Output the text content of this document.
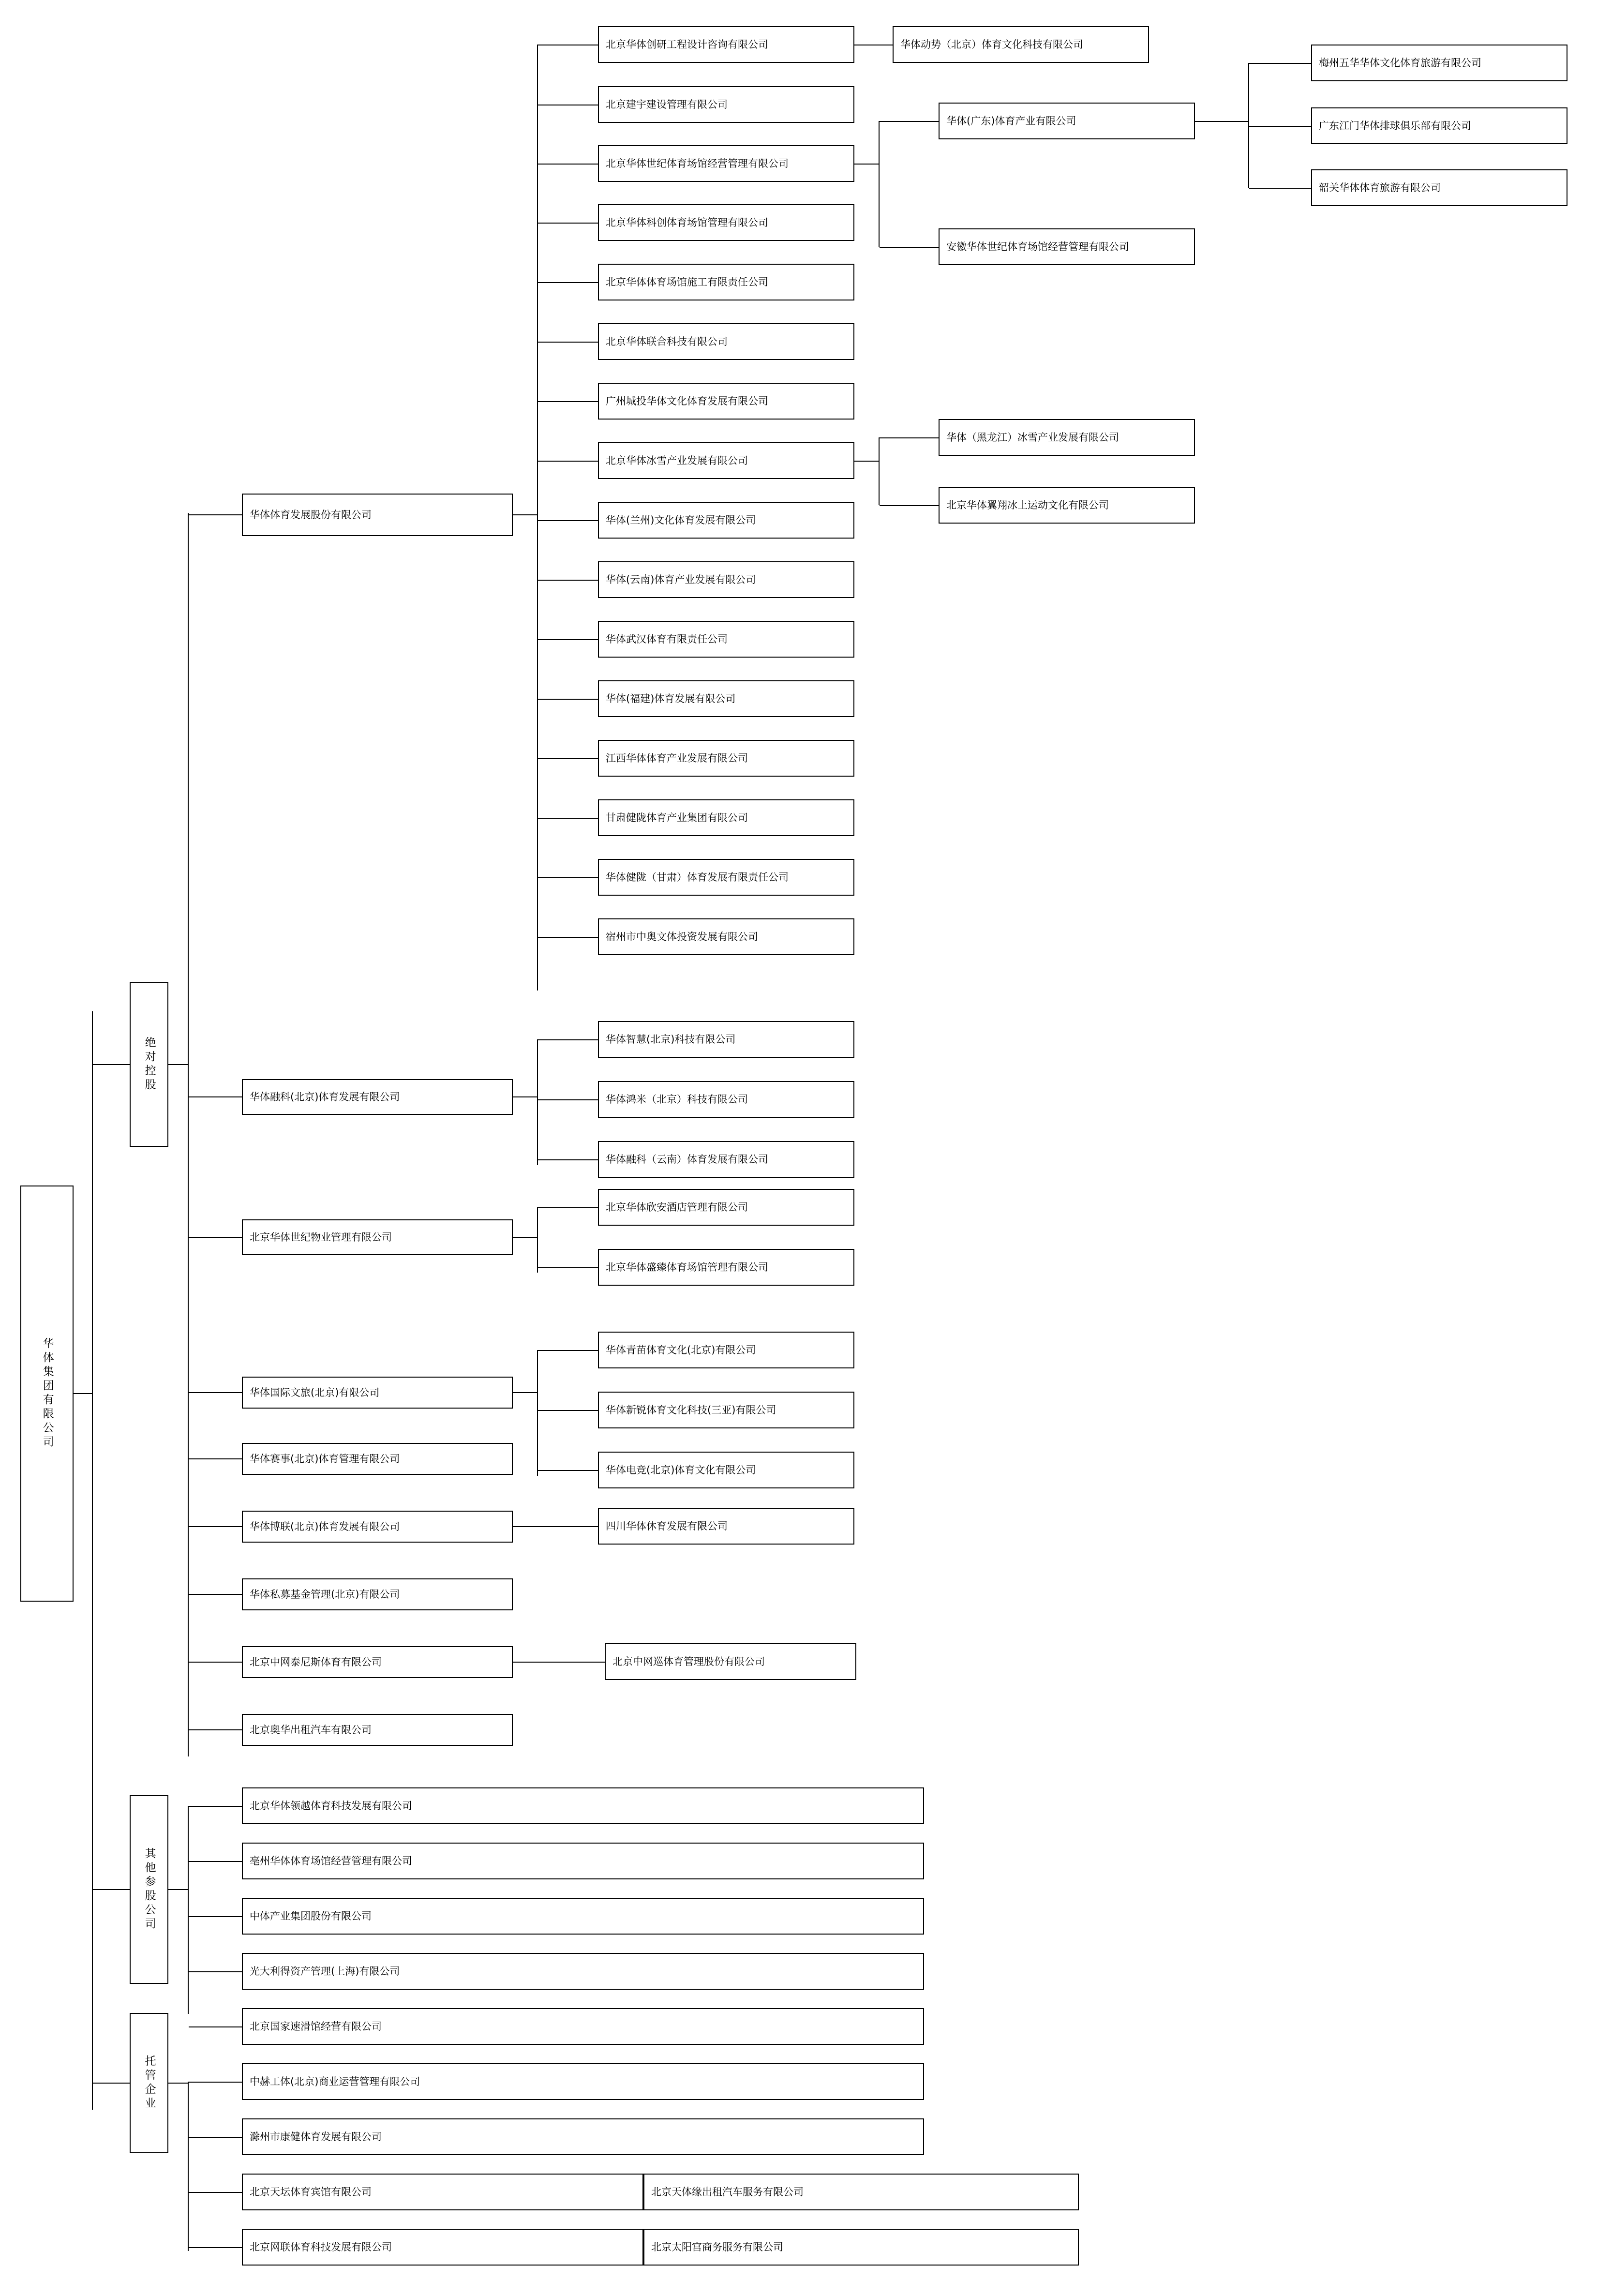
华体集团有限公司
绝对控股
其他参股公司
托管企业
华体体育发展股份有限公司
华体融科(北京)体育发展有限公司
北京华体世纪物业管理有限公司
华体国际文旅(北京)有限公司
华体赛事(北京)体育管理有限公司
华体博联(北京)体育发展有限公司
华体私募基金管理(北京)有限公司
北京中网泰尼斯体育有限公司
北京奥华出租汽车有限公司
北京华体创研工程设计咨询有限公司
北京建宇建设管理有限公司
北京华体世纪体育场馆经营管理有限公司
北京华体科创体育场馆管理有限公司
北京华体体育场馆施工有限责任公司
北京华体联合科技有限公司
广州城投华体文化体育发展有限公司
北京华体冰雪产业发展有限公司
华体(兰州)文化体育发展有限公司
华体(云南)体育产业发展有限公司
华体武汉体育有限责任公司
华体(福建)体育发展有限公司
江西华体体育产业发展有限公司
甘肃健陇体育产业集团有限公司
华体健陇（甘肃）体育发展有限责任公司
宿州市中奥文体投资发展有限公司
华体动势（北京）体育文化科技有限公司
华体(广东)体育产业有限公司
安徽华体世纪体育场馆经营管理有限公司
梅州五华华体文化体育旅游有限公司
广东江门华体排球俱乐部有限公司
韶关华体体育旅游有限公司
华体（黑龙江）冰雪产业发展有限公司
北京华体翼翔冰上运动文化有限公司
华体智慧(北京)科技有限公司
华体鸿米（北京）科技有限公司
华体融科（云南）体育发展有限公司
北京华体欣安酒店管理有限公司
北京华体盛臻体育场馆管理有限公司
华体青苗体育文化(北京)有限公司
华体新锐体育文化科技(三亚)有限公司
华体电竞(北京)体育文化有限公司
四川华体休育发展有限公司
北京中网巡体育管理股份有限公司
北京华体领越体育科技发展有限公司
亳州华体体育场馆经营管理有限公司
中体产业集团股份有限公司
光大利得资产管理(上海)有限公司
北京国家速滑馆经营有限公司
中赫工体(北京)商业运营管理有限公司
滁州市康健体育发展有限公司
北京天坛体育宾馆有限公司
北京网联体育科技发展有限公司
北京天体缘出租汽车服务有限公司
北京太阳宫商务服务有限公司
